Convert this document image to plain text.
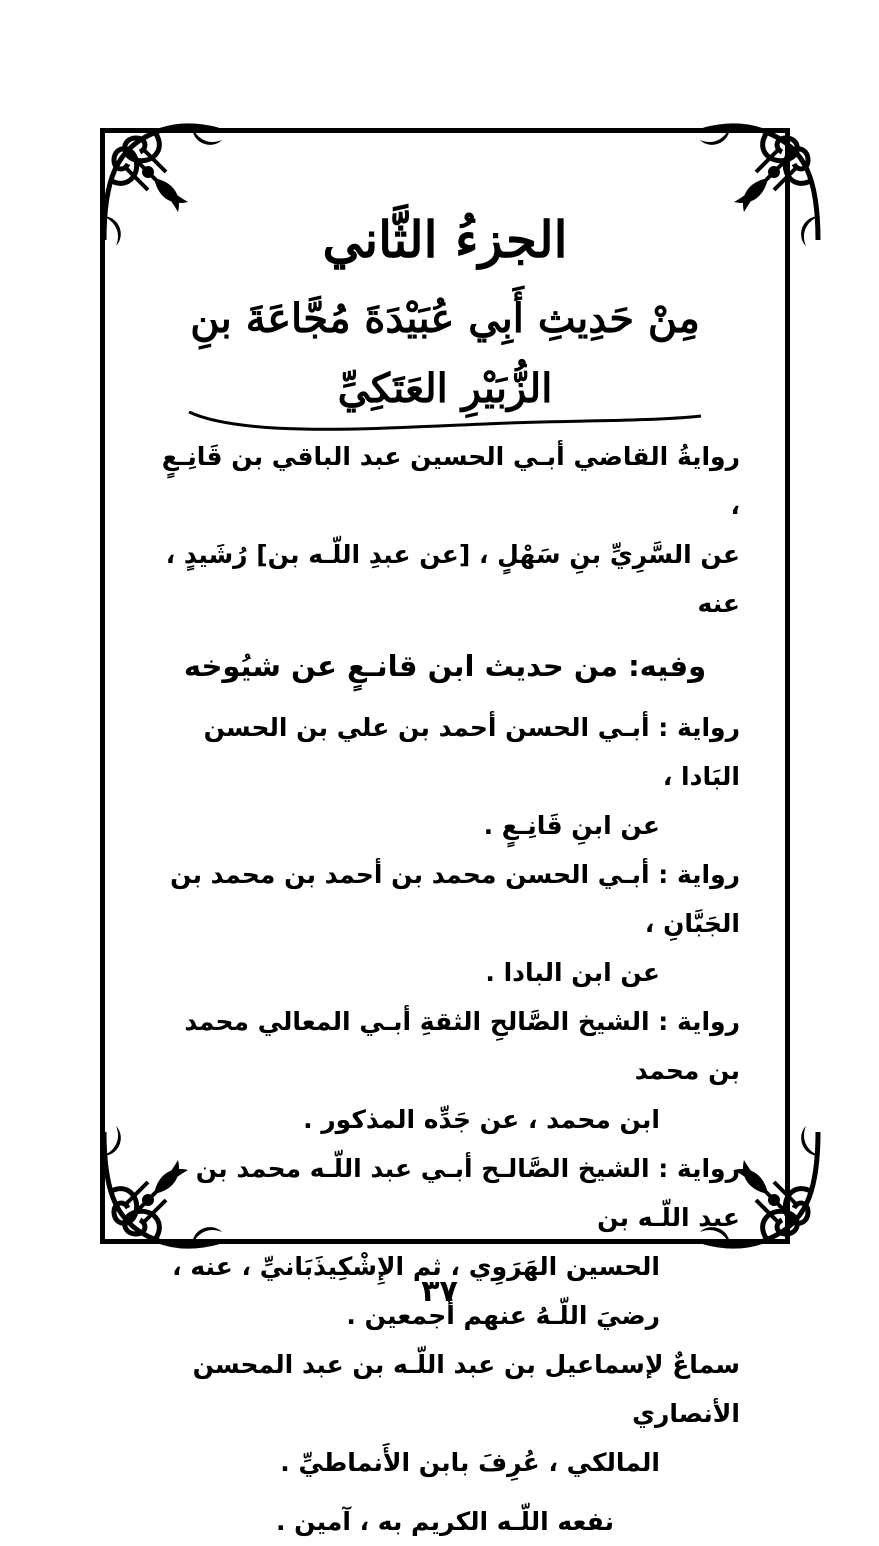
الجزءُ الثَّاني
مِنْ حَدِيثِ أَبِي عُبَيْدَةَ مُجَّاعَةَ بنِ الزُّبَيْرِ العَتَكِيِّ

روايةُ القاضي أبـي الحسين عبد الباقي بن قَانِـعٍ ،

عن السَّرِيِّ بنِ سَهْلٍ ، [عن عبدِ اللّـه بن] رُشَيدٍ ، عنه

وفيه: من حديث ابن قانـعٍ عن شيُوخه

رواية : أبـي الحسن أحمد بن علي بن الحسن البَادا ،

عن ابنِ قَانِـعٍ .

رواية : أبـي الحسن محمد بن أحمد بن محمد بن الجَبَّانِ ،

عن ابن البادا .

رواية : الشيخ الصَّالحِ الثقةِ أبـي المعالي محمد بن محمد

ابن محمد ، عن جَدِّه المذكور .

رواية : الشيخ الصَّالـح أبـي عبد اللّـه محمد بن عبد اللّـه بن

الحسين الهَرَوِي ، ثم الإِشْكِيذَبَانيِّ ، عنه ،

رضيَ اللّـهُ عنهم أجمعين .

سماعٌ لإسماعيل بن عبد اللّـه بن عبد المحسن الأنصاري

المالكي ، عُرِفَ بابن الأَنماطيِّ .

نفعه اللّـه الكريم به ، آمين .

٣٧
